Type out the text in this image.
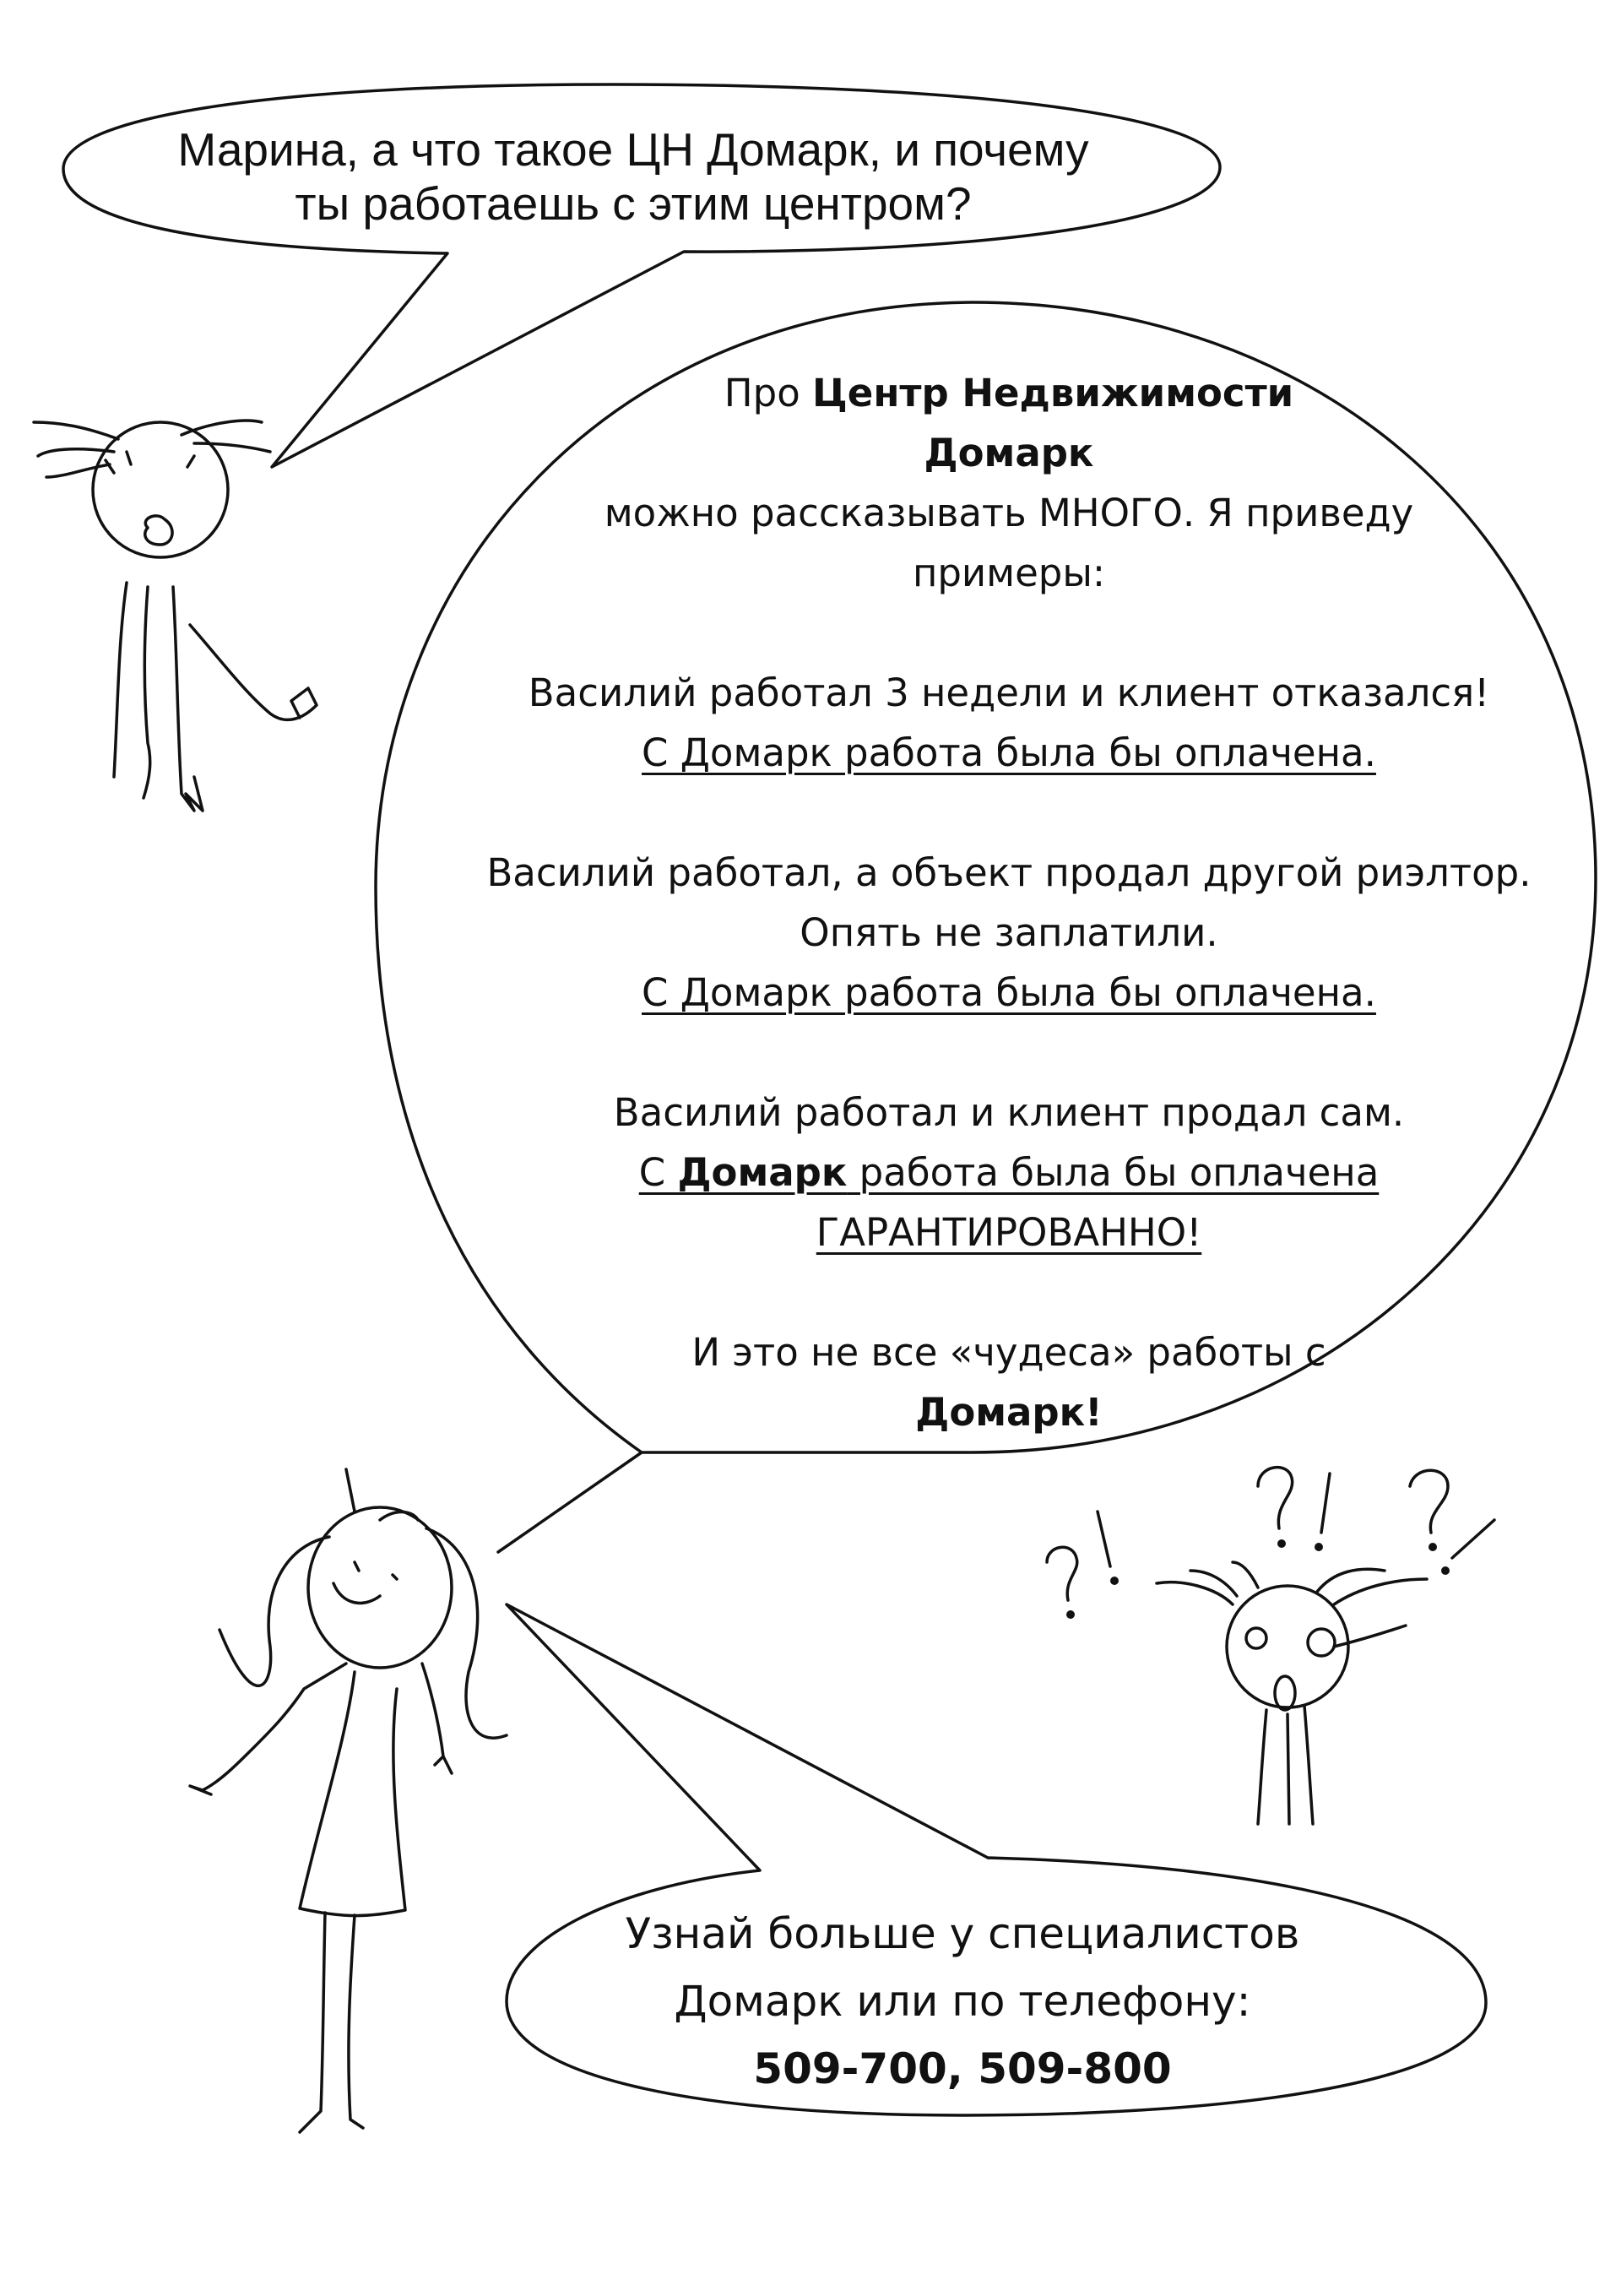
Марина, а что такое ЦН Домарк, и почему
ты работаешь с этим центром?
Про Центр Недвижимости
Домарк
можно рассказывать МНОГО. Я приведу
примеры:
Василий работал 3 недели и клиент отказался!
С Домарк работа была бы оплачена.
Василий работал, а объект продал другой риэлтор.
Опять не заплатили.
С Домарк работа была бы оплачена.
Василий работал и клиент продал сам.
С Домарк работа была бы оплачена
ГАРАНТИРОВАННО!
И это не все «чудеса» работы с
Домарк!
Узнай больше у специалистов
Домарк или по телефону:
509-700, 509-800
